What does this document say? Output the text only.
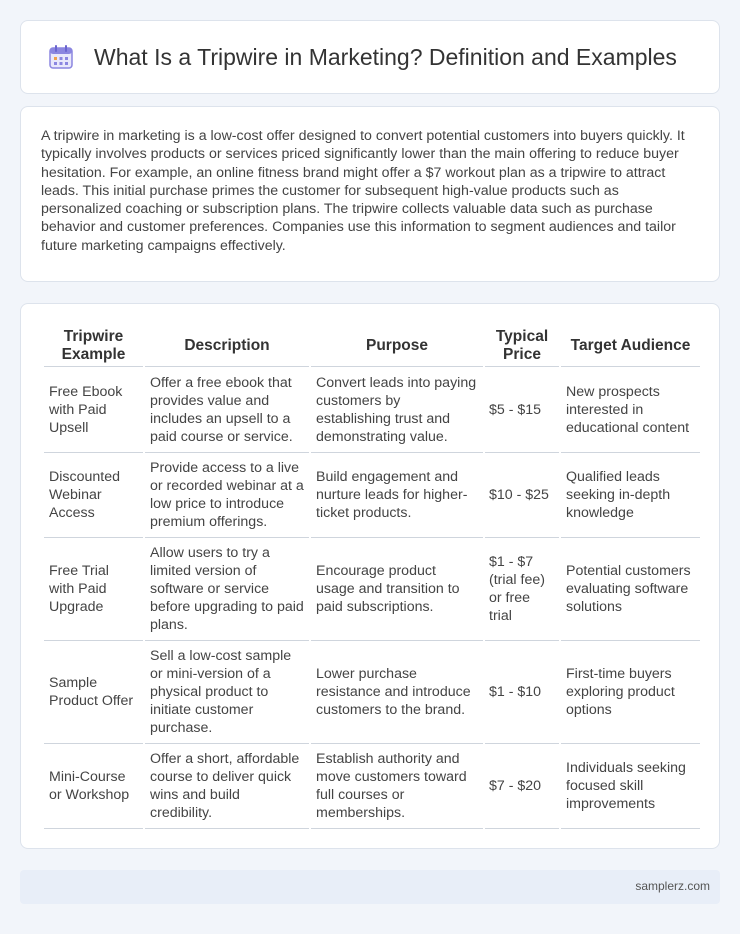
What Is a Tripwire in Marketing? Definition and Examples

A tripwire in marketing is a low-cost offer designed to convert potential customers into buyers quickly. It typically involves products or services priced significantly lower than the main offering to reduce buyer hesitation. For example, an online fitness brand might offer a $7 workout plan as a tripwire to attract leads. This initial purchase primes the customer for subsequent high-value products such as personalized coaching or subscription plans. The tripwire collects valuable data such as purchase behavior and customer preferences. Companies use this information to segment audiences and tailor future marketing campaigns effectively.

Tripwire Example	Description	Purpose	Typical Price	Target Audience
Free Ebook with Paid Upsell	Offer a free ebook that provides value and includes an upsell to a paid course or service.	Convert leads into paying customers by establishing trust and demonstrating value.	$5 - $15	New prospects interested in educational content
Discounted Webinar Access	Provide access to a live or recorded webinar at a low price to introduce premium offerings.	Build engagement and nurture leads for higher-ticket products.	$10 - $25	Qualified leads seeking in-depth knowledge
Free Trial with Paid Upgrade	Allow users to try a limited version of software or service before upgrading to paid plans.	Encourage product usage and transition to paid subscriptions.	$1 - $7 (trial fee) or free trial	Potential customers evaluating software solutions
Sample Product Offer	Sell a low-cost sample or mini-version of a physical product to initiate customer purchase.	Lower purchase resistance and introduce customers to the brand.	$1 - $10	First-time buyers exploring product options
Mini-Course or Workshop	Offer a short, affordable course to deliver quick wins and build credibility.	Establish authority and move customers toward full courses or memberships.	$7 - $20	Individuals seeking focused skill improvements
samplerz.com
